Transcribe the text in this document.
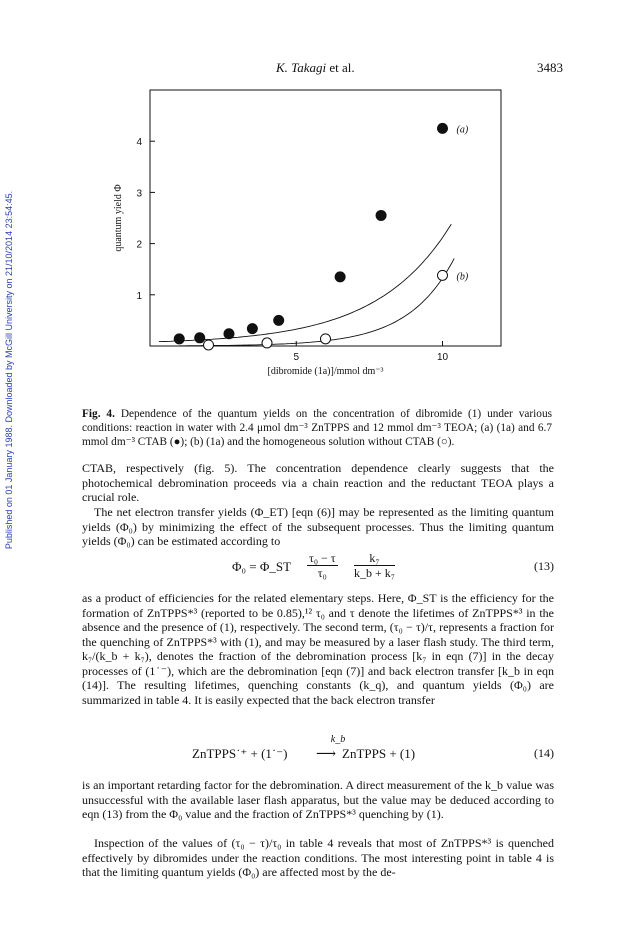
Published on 01 January 1988. Downloaded by McGill University on 21/10/2014 23:54:45.
K. Takagi et al.	3483
1
2
3
4
5	10
[dibromide (1a)]/mmol dm⁻³
quantum yield Φ
(a)
(b)
Fig. 4. Dependence of the quantum yields on the concentration of dibromide (1) under various conditions: reaction in water with 2.4 μmol dm⁻³ ZnTPPS and 12 mmol dm⁻³ TEOA; (a) (1a) and 6.7 mmol dm⁻³ CTAB (●); (b) (1a) and the homogeneous solution without CTAB (○).

CTAB, respectively (fig. 5). The concentration dependence clearly suggests that the photochemical debromination proceeds via a chain reaction and the reductant TEOA plays a crucial role.

The net electron transfer yields (Φ_ET) [eqn (6)] may be represented as the limiting quantum yields (Φ₀) by minimizing the effect of the subsequent processes. Thus the limiting quantum yields (Φ₀) can be estimated according to

Φ₀ = Φ_ST $\frac{\text{τ₀ − τ}}{\text{τ₀}} \frac{\text{k₇}}{\text{k\_b + k₇}}$	(13)

as a product of efficiencies for the related elementary steps. Here, Φ_ST is the efficiency for the formation of ZnTPPS*³ (reported to be 0.85),¹² τ₀ and τ denote the lifetimes of ZnTPPS*³ in the absence and the presence of (1), respectively. The second term, (τ₀ − τ)/τ, represents a fraction for the quenching of ZnTPPS*³ with (1), and may be measured by a laser flash study. The third term, k₇/(k_b + k₇), denotes the fraction of the debromination process [k₇ in eqn (7)] in the decay processes of (1˙⁻), which are the debromination [eqn (7)] and back electron transfer [k_b in eqn (14)]. The resulting lifetimes, quenching constants (k_q), and quantum yields (Φ₀) are summarized in table 4. It is easily expected that the back electron transfer

ZnTPPS˙⁺ + (1˙⁻)
k_b
⟶ ZnTPPS + (1)	(14)

is an important retarding factor for the debromination. A direct measurement of the k_b value was unsuccessful with the available laser flash apparatus, but the value may be deduced according to eqn (13) from the Φ₀ value and the fraction of ZnTPPS*³ quenching by (1).

Inspection of the values of (τ₀ − τ)/τ₀ in table 4 reveals that most of ZnTPPS*³ is quenched effectively by dibromides under the reaction conditions. The most interesting point in table 4 is that the limiting quantum yields (Φ₀) are affected most by the de-
